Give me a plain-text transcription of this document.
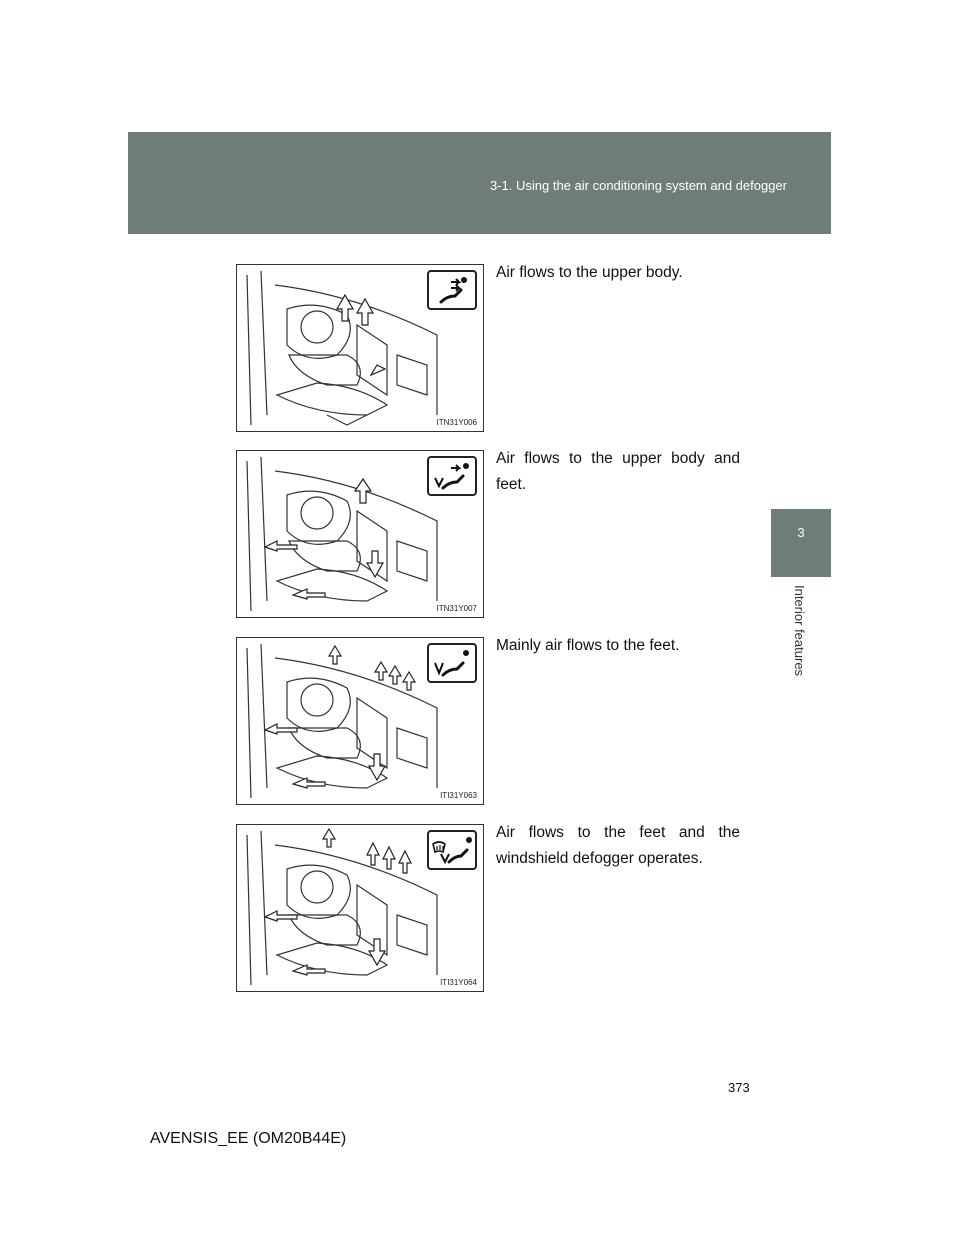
3-1. Using the air conditioning system and defogger
3
Interior features
ITN31Y006
Air flows to the upper body.
ITN31Y007
Air flows to the upper body and feet.
ITI31Y063
Mainly air flows to the feet.
ITI31Y064
Air flows to the feet and the windshield defogger operates.
373
AVENSIS_EE (OM20B44E)
